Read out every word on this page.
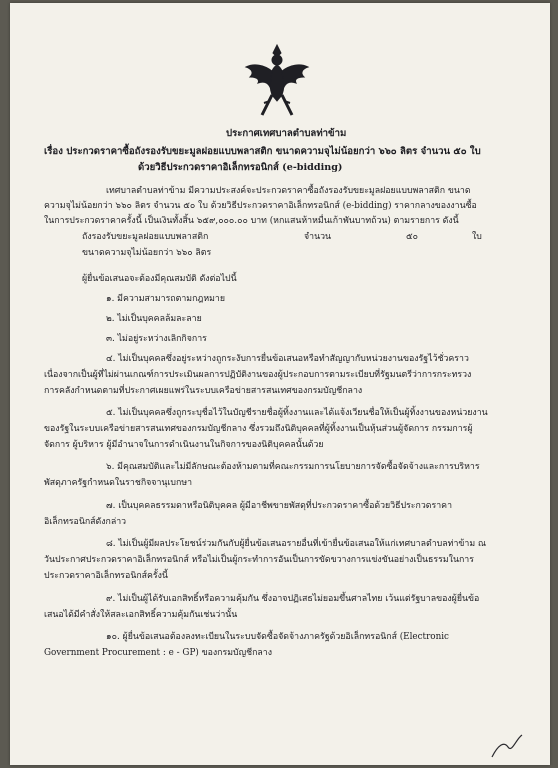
ประกาศเทศบาลตำบลท่าข้าม
เรื่อง ประกวดราคาซื้อถังรองรับขยะมูลฝอยแบบพลาสติก ขนาดความจุไม่น้อยกว่า ๖๖๐ ลิตร จำนวน ๕๐ ใบ
ด้วยวิธีประกวดราคาอิเล็กทรอนิกส์ (e-bidding)
เทศบาลตำบลท่าข้าม มีความประสงค์จะประกวดราคาซื้อถังรองรับขยะมูลฝอยแบบพลาสติก ขนาด
ความจุไม่น้อยกว่า ๖๖๐ ลิตร จำนวน ๕๐ ใบ ด้วยวิธีประกวดราคาอิเล็กทรอนิกส์ (e-bidding) ราคากลางของงานซื้อ
ในการประกวดราคาครั้งนี้ เป็นเงินทั้งสิ้น ๖๕๙,๐๐๐.๐๐ บาท (หกแสนห้าหมื่นเก้าพันบาทถ้วน) ตามรายการ ดังนี้
ถังรองรับขยะมูลฝอยแบบพลาสติก	จำนวน	๕๐	ใบ
ขนาดความจุไม่น้อยกว่า ๖๖๐ ลิตร
ผู้ยื่นข้อเสนอจะต้องมีคุณสมบัติ ดังต่อไปนี้
๑. มีความสามารถตามกฎหมาย
๒. ไม่เป็นบุคคลล้มละลาย
๓. ไม่อยู่ระหว่างเลิกกิจการ
๔. ไม่เป็นบุคคลซึ่งอยู่ระหว่างถูกระงับการยื่นข้อเสนอหรือทำสัญญากับหน่วยงานของรัฐไว้ชั่วคราว
เนื่องจากเป็นผู้ที่ไม่ผ่านเกณฑ์การประเมินผลการปฏิบัติงานของผู้ประกอบการตามระเบียบที่รัฐมนตรีว่าการกระทรวง
การคลังกำหนดตามที่ประกาศเผยแพร่ในระบบเครือข่ายสารสนเทศของกรมบัญชีกลาง
๕. ไม่เป็นบุคคลซึ่งถูกระบุชื่อไว้ในบัญชีรายชื่อผู้ทิ้งงานและได้แจ้งเวียนชื่อให้เป็นผู้ทิ้งงานของหน่วยงาน
ของรัฐในระบบเครือข่ายสารสนเทศของกรมบัญชีกลาง ซึ่งรวมถึงนิติบุคคลที่ผู้ทิ้งงานเป็นหุ้นส่วนผู้จัดการ กรรมการผู้
จัดการ ผู้บริหาร ผู้มีอำนาจในการดำเนินงานในกิจการของนิติบุคคลนั้นด้วย
๖. มีคุณสมบัติและไม่มีลักษณะต้องห้ามตามที่คณะกรรมการนโยบายการจัดซื้อจัดจ้างและการบริหาร
พัสดุภาครัฐกำหนดในราชกิจจานุเบกษา
๗. เป็นบุคคลธรรมดาหรือนิติบุคคล ผู้มีอาชีพขายพัสดุที่ประกวดราคาซื้อด้วยวิธีประกวดราคา
อิเล็กทรอนิกส์ดังกล่าว
๘. ไม่เป็นผู้มีผลประโยชน์ร่วมกันกับผู้ยื่นข้อเสนอรายอื่นที่เข้ายื่นข้อเสนอให้แก่เทศบาลตำบลท่าข้าม ณ
วันประกาศประกวดราคาอิเล็กทรอนิกส์ หรือไม่เป็นผู้กระทำการอันเป็นการขัดขวางการแข่งขันอย่างเป็นธรรมในการ
ประกวดราคาอิเล็กทรอนิกส์ครั้งนี้
๙. ไม่เป็นผู้ได้รับเอกสิทธิ์หรือความคุ้มกัน ซึ่งอาจปฏิเสธไม่ยอมขึ้นศาลไทย เว้นแต่รัฐบาลของผู้ยื่นข้อ
เสนอได้มีคำสั่งให้สละเอกสิทธิ์ความคุ้มกันเช่นว่านั้น
๑๐. ผู้ยื่นข้อเสนอต้องลงทะเบียนในระบบจัดซื้อจัดจ้างภาครัฐด้วยอิเล็กทรอนิกส์ (Electronic
Government Procurement : e - GP) ของกรมบัญชีกลาง
